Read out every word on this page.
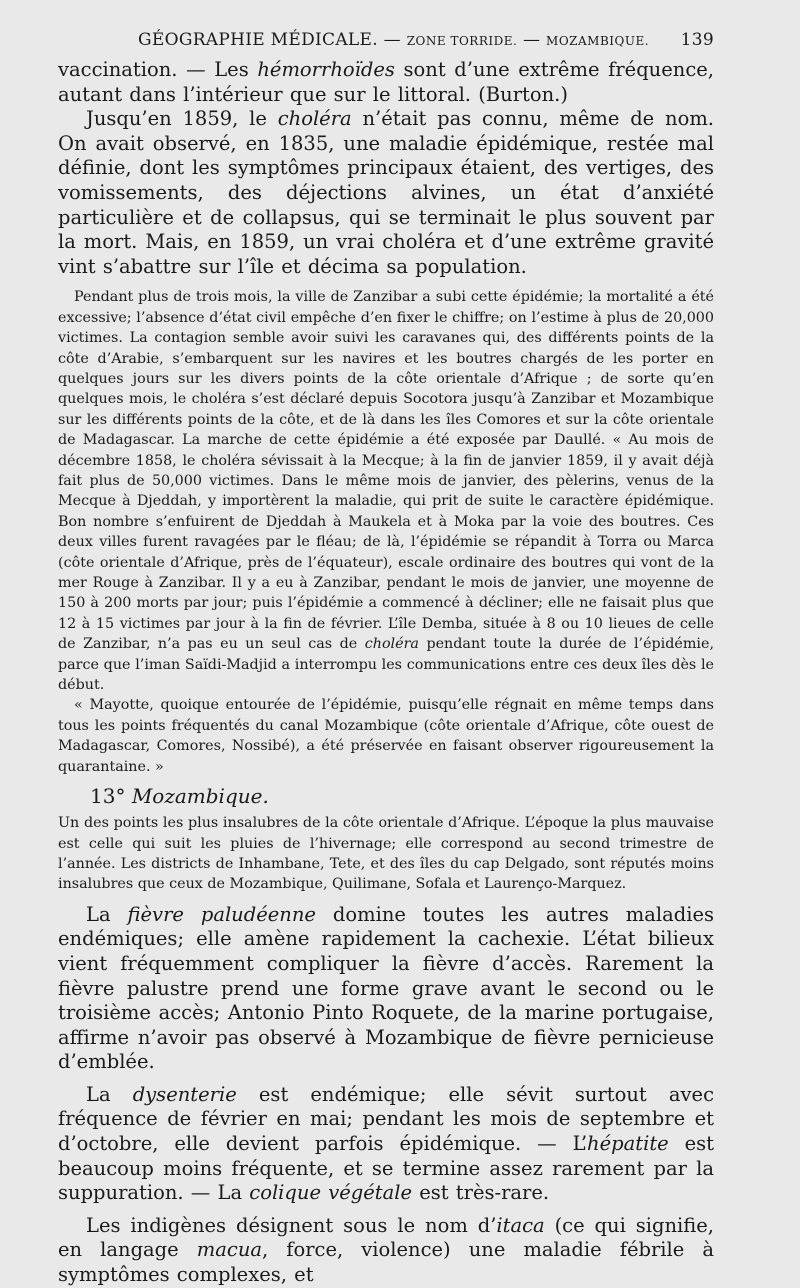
GÉOGRAPHIE MÉDICALE. — ZONE TORRIDE. — MOZAMBIQUE. 139

vaccination. — Les hémorrhoïdes sont d’une extrême fréquence, autant dans l’intérieur que sur le littoral. (Burton.)

Jusqu’en 1859, le choléra n’était pas connu, même de nom. On avait observé, en 1835, une maladie épidémique, restée mal définie, dont les symptômes principaux étaient, des vertiges, des vomissements, des déjections alvines, un état d’anxiété particulière et de collapsus, qui se terminait le plus souvent par la mort. Mais, en 1859, un vrai choléra et d’une extrême gravité vint s’abattre sur l’île et décima sa population.

Pendant plus de trois mois, la ville de Zanzibar a subi cette épidémie; la mortalité a été excessive; l’absence d’état civil empêche d’en fixer le chiffre; on l’estime à plus de 20,000 victimes. La contagion semble avoir suivi les caravanes qui, des différents points de la côte d’Arabie, s’embarquent sur les navires et les boutres chargés de les porter en quelques jours sur les divers points de la côte orientale d’Afrique ; de sorte qu’en quelques mois, le choléra s’est déclaré depuis Socotora jusqu’à Zanzibar et Mozambique sur les différents points de la côte, et de là dans les îles Comores et sur la côte orientale de Madagascar. La marche de cette épidémie a été exposée par Daullé. « Au mois de décembre 1858, le choléra sévissait à la Mecque; à la fin de janvier 1859, il y avait déjà fait plus de 50,000 victimes. Dans le même mois de janvier, des pèlerins, venus de la Mecque à Djeddah, y importèrent la maladie, qui prit de suite le caractère épidémique. Bon nombre s’enfuirent de Djeddah à Maukela et à Moka par la voie des boutres. Ces deux villes furent ravagées par le fléau; de là, l’épidémie se répandit à Torra ou Marca (côte orientale d’Afrique, près de l’équateur), escale ordinaire des boutres qui vont de la mer Rouge à Zanzibar. Il y a eu à Zanzibar, pendant le mois de janvier, une moyenne de 150 à 200 morts par jour; puis l’épidémie a commencé à décliner; elle ne faisait plus que 12 à 15 victimes par jour à la fin de février. L’île Demba, située à 8 ou 10 lieues de celle de Zanzibar, n’a pas eu un seul cas de choléra pendant toute la durée de l’épidémie, parce que l’iman Saïdi-Madjid a interrompu les communications entre ces deux îles dès le début.

« Mayotte, quoique entourée de l’épidémie, puisqu’elle régnait en même temps dans tous les points fréquentés du canal Mozambique (côte orientale d’Afrique, côte ouest de Madagascar, Comores, Nossibé), a été préservée en faisant observer rigoureusement la quarantaine. »

13° Mozambique.

Un des points les plus insalubres de la côte orientale d’Afrique. L’époque la plus mauvaise est celle qui suit les pluies de l’hivernage; elle correspond au second trimestre de l’année. Les districts de Inhambane, Tete, et des îles du cap Delgado, sont réputés moins insalubres que ceux de Mozambique, Quilimane, Sofala et Laurenço-Marquez.

La fièvre paludéenne domine toutes les autres maladies endémiques; elle amène rapidement la cachexie. L’état bilieux vient fréquemment compliquer la fièvre d’accès. Rarement la fièvre palustre prend une forme grave avant le second ou le troisième accès; Antonio Pinto Roquete, de la marine portugaise, affirme n’avoir pas observé à Mozambique de fièvre pernicieuse d’emblée.

La dysenterie est endémique; elle sévit surtout avec fréquence de février en mai; pendant les mois de septembre et d’octobre, elle devient parfois épidémique. — L’hépatite est beaucoup moins fréquente, et se termine assez rarement par la suppuration. — La colique végétale est très-rare.

Les indigènes désignent sous le nom d’itaca (ce qui signifie, en langage macua, force, violence) une maladie fébrile à symptômes complexes, et
